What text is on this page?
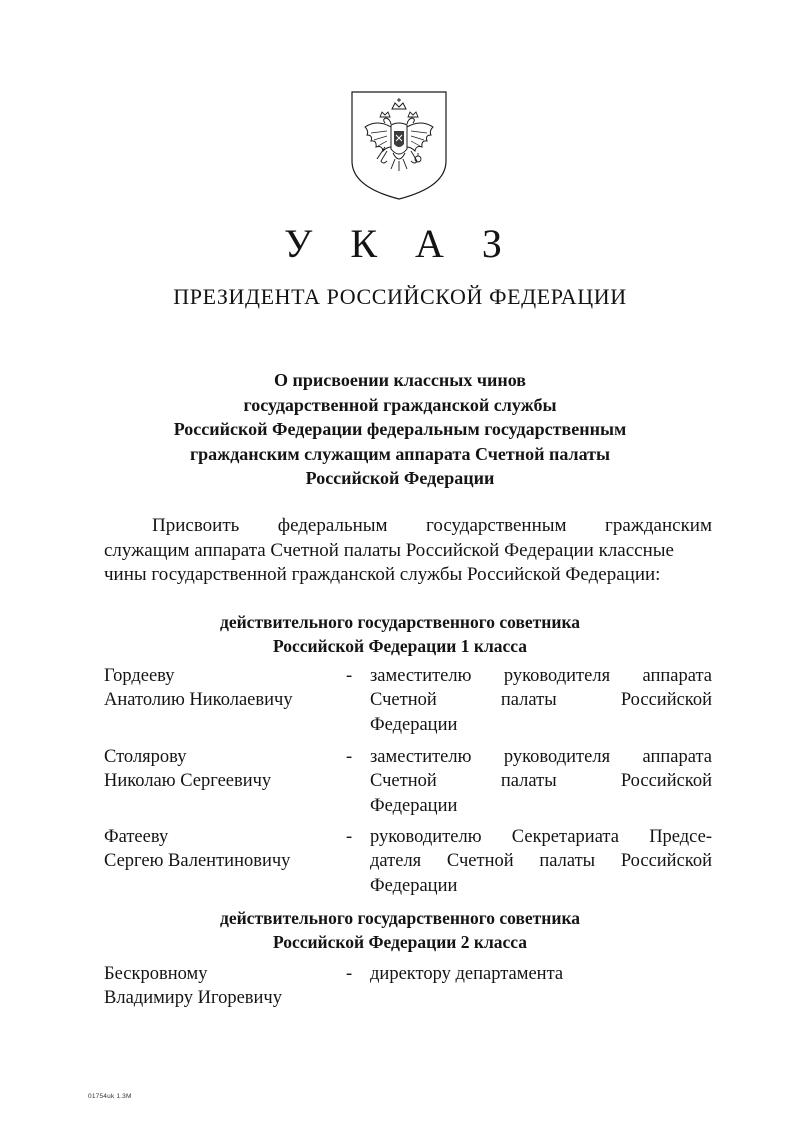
У К А З
ПРЕЗИДЕНТА РОССИЙСКОЙ ФЕДЕРАЦИИ
О присвоении классных чинов
государственной гражданской службы
Российской Федерации федеральным государственным
гражданским служащим аппарата Счетной палаты
Российской Федерации
Присвоить федеральным государственным гражданским
служащим аппарата Счетной палаты Российской Федерации классные
чины государственной гражданской службы Российской Федерации:
действительного государственного советника
Российской Федерации 1 класса
Гордееву
Анатолию Николаевичу
- заместителю руководителя аппарата
Счетной палаты Российской
Федерации
Столярову
Николаю Сергеевичу
- заместителю руководителя аппарата
Счетной палаты Российской
Федерации
Фатееву
Сергею Валентиновичу
- руководителю Секретариата Предсе-
дателя Счетной палаты Российской
Федерации
действительного государственного советника
Российской Федерации 2 класса
Бескровному
Владимиру Игоревичу
- директору департамента
01754uk 1.3M
